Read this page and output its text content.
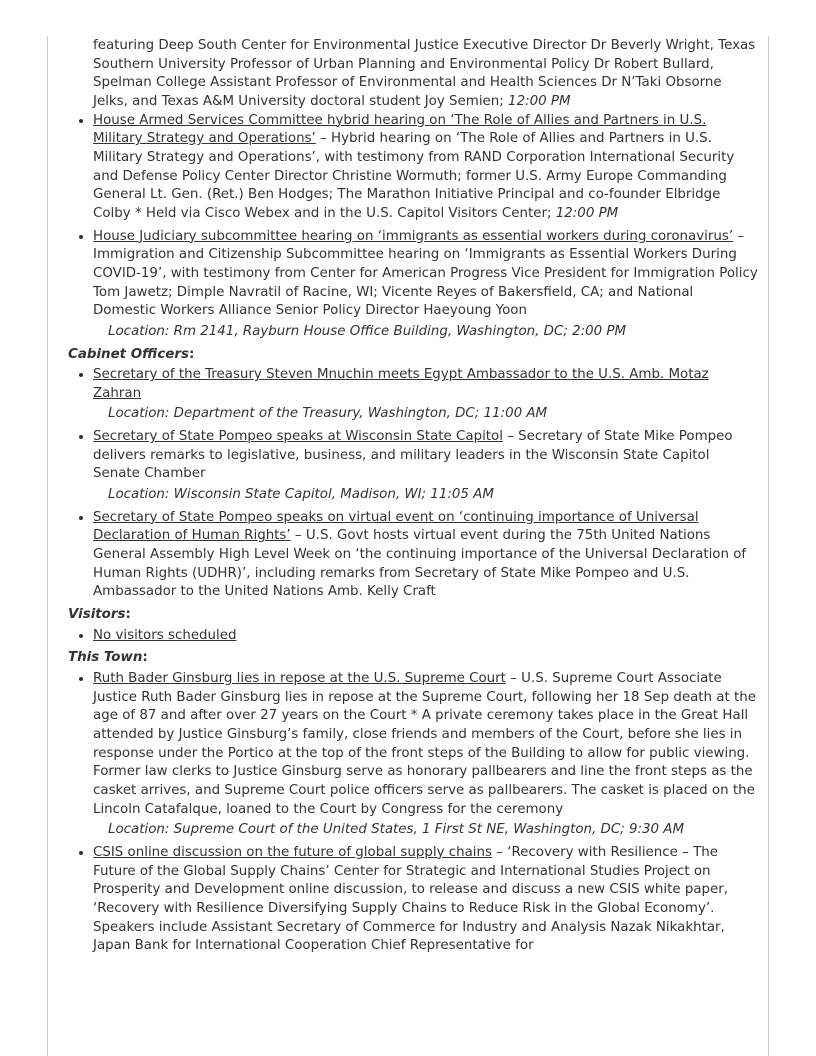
featuring Deep South Center for Environmental Justice Executive Director Dr Beverly Wright, Texas Southern University Professor of Urban Planning and Environmental Policy Dr Robert Bullard, Spelman College Assistant Professor of Environmental and Health Sciences Dr N’Taki Obsorne Jelks, and Texas A&M University doctoral student Joy Semien; 12:00 PM

• House Armed Services Committee hybrid hearing on ‘The Role of Allies and Partners in U.S. Military Strategy and Operations’ – Hybrid hearing on ‘The Role of Allies and Partners in U.S. Military Strategy and Operations’, with testimony from RAND Corporation International Security and Defense Policy Center Director Christine Wormuth; former U.S. Army Europe Commanding General Lt. Gen. (Ret.) Ben Hodges; The Marathon Initiative Principal and co-founder Elbridge Colby * Held via Cisco Webex and in the U.S. Capitol Visitors Center; 12:00 PM
• House Judiciary subcommittee hearing on ‘immigrants as essential workers during coronavirus’ – Immigration and Citizenship Subcommittee hearing on ‘Immigrants as Essential Workers During COVID-19’, with testimony from Center for American Progress Vice President for Immigration Policy Tom Jawetz; Dimple Navratil of Racine, WI; Vicente Reyes of Bakersfield, CA; and National Domestic Workers Alliance Senior Policy Director Haeyoung Yoon
Location: Rm 2141, Rayburn House Office Building, Washington, DC; 2:00 PM
Cabinet Officers:
• Secretary of the Treasury Steven Mnuchin meets Egypt Ambassador to the U.S. Amb. Motaz Zahran
Location: Department of the Treasury, Washington, DC; 11:00 AM
• Secretary of State Pompeo speaks at Wisconsin State Capitol – Secretary of State Mike Pompeo delivers remarks to legislative, business, and military leaders in the Wisconsin State Capitol Senate Chamber
Location: Wisconsin State Capitol, Madison, WI; 11:05 AM
• Secretary of State Pompeo speaks on virtual event on ‘continuing importance of Universal Declaration of Human Rights’ – U.S. Govt hosts virtual event during the 75th United Nations General Assembly High Level Week on ‘the continuing importance of the Universal Declaration of Human Rights (UDHR)’, including remarks from Secretary of State Mike Pompeo and U.S. Ambassador to the United Nations Amb. Kelly Craft
Visitors:
• No visitors scheduled
This Town:
• Ruth Bader Ginsburg lies in repose at the U.S. Supreme Court – U.S. Supreme Court Associate Justice Ruth Bader Ginsburg lies in repose at the Supreme Court, following her 18 Sep death at the age of 87 and after over 27 years on the Court * A private ceremony takes place in the Great Hall attended by Justice Ginsburg’s family, close friends and members of the Court, before she lies in response under the Portico at the top of the front steps of the Building to allow for public viewing. Former law clerks to Justice Ginsburg serve as honorary pallbearers and line the front steps as the casket arrives, and Supreme Court police officers serve as pallbearers. The casket is placed on the Lincoln Catafalque, loaned to the Court by Congress for the ceremony
Location: Supreme Court of the United States, 1 First St NE, Washington, DC; 9:30 AM
• CSIS online discussion on the future of global supply chains – ‘Recovery with Resilience – The Future of the Global Supply Chains’ Center for Strategic and International Studies Project on Prosperity and Development online discussion, to release and discuss a new CSIS white paper, ‘Recovery with Resilience Diversifying Supply Chains to Reduce Risk in the Global Economy’. Speakers include Assistant Secretary of Commerce for Industry and Analysis Nazak Nikakhtar, Japan Bank for International Cooperation Chief Representative for
